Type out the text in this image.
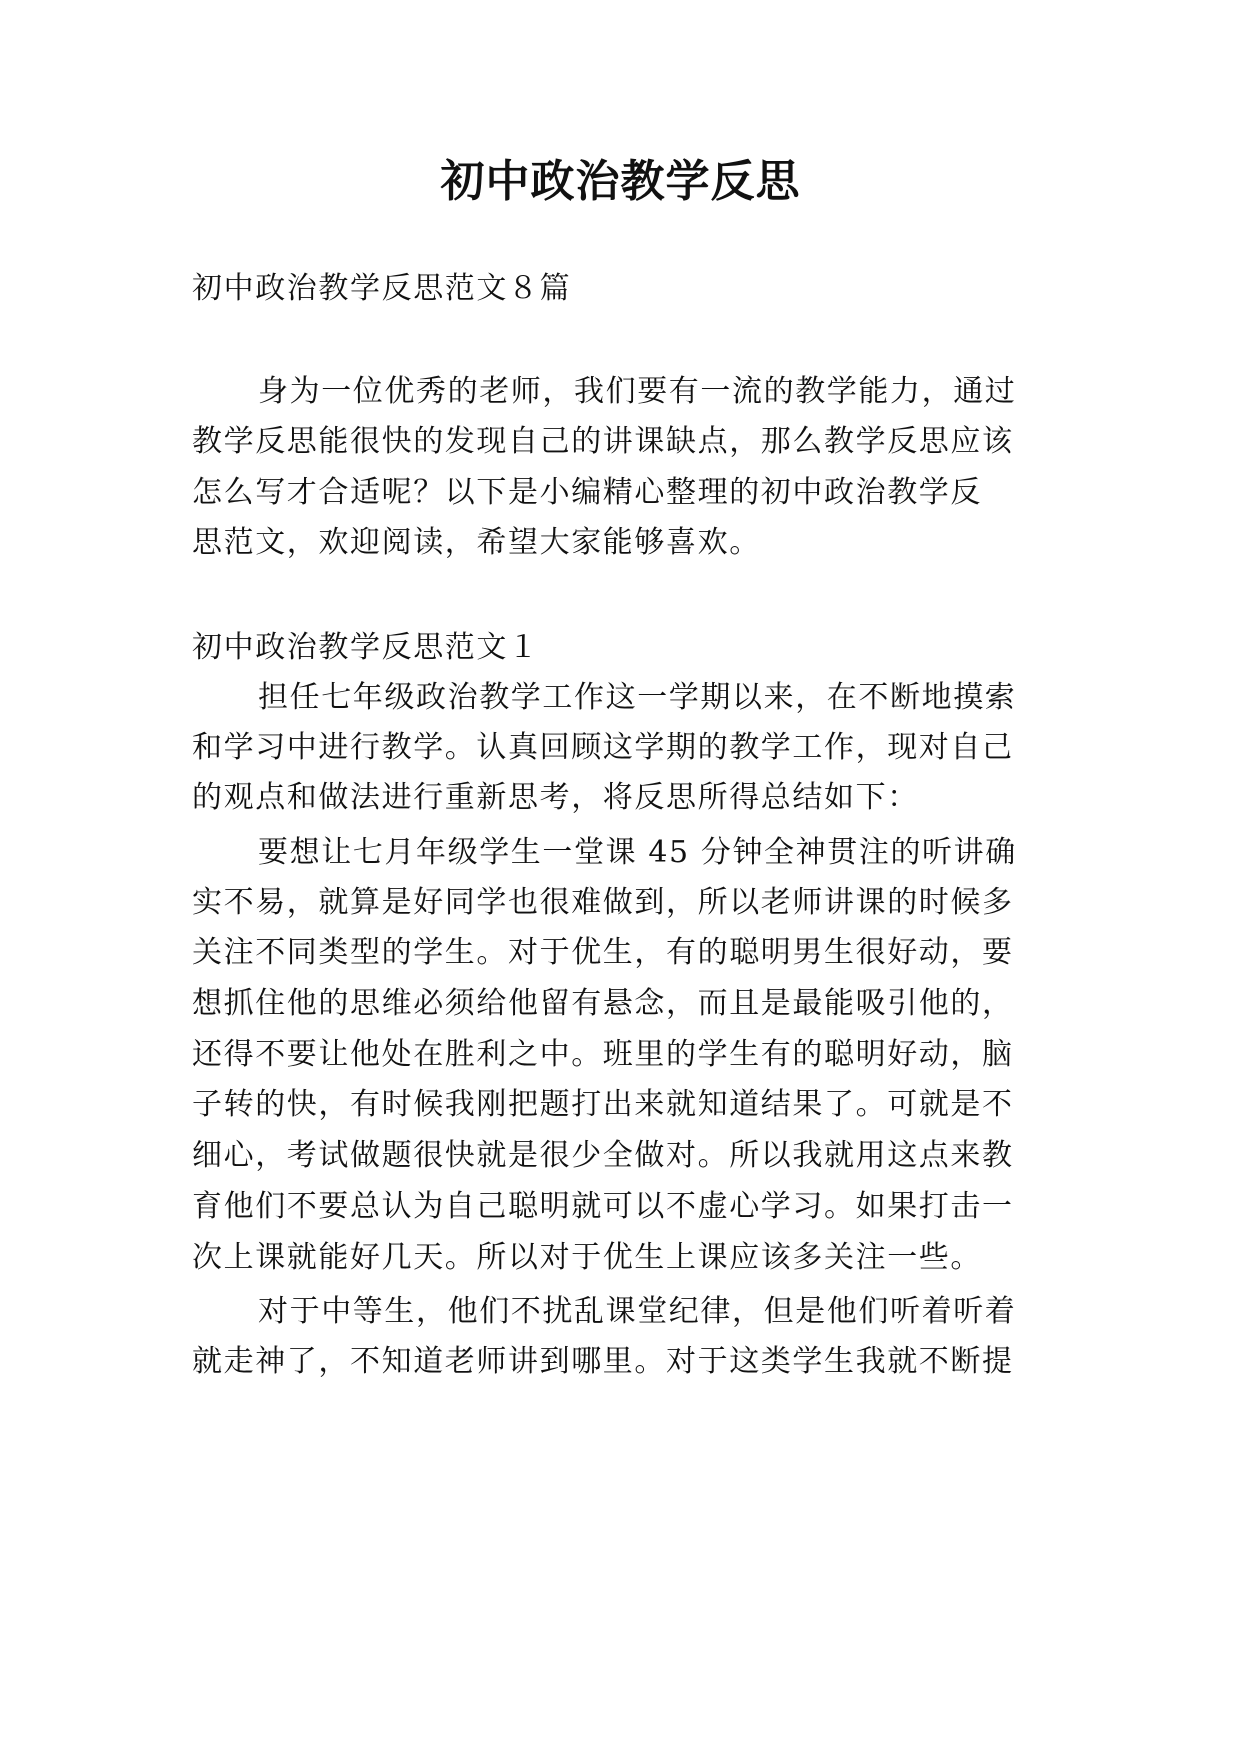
初中政治教学反思
初中政治教学反思范文８篇
身为一位优秀的老师，我们要有一流的教学能力，通过
教学反思能很快的发现自己的讲课缺点，那么教学反思应该
怎么写才合适呢？以下是小编精心整理的初中政治教学反
思范文，欢迎阅读，希望大家能够喜欢。
初中政治教学反思范文１
担任七年级政治教学工作这一学期以来，在不断地摸索
和学习中进行教学。认真回顾这学期的教学工作，现对自己
的观点和做法进行重新思考，将反思所得总结如下：
要想让七月年级学生一堂课 45 分钟全神贯注的听讲确
实不易，就算是好同学也很难做到，所以老师讲课的时候多
关注不同类型的学生。对于优生，有的聪明男生很好动，要
想抓住他的思维必须给他留有悬念，而且是最能吸引他的，
还得不要让他处在胜利之中。班里的学生有的聪明好动，脑
子转的快，有时候我刚把题打出来就知道结果了。可就是不
细心，考试做题很快就是很少全做对。所以我就用这点来教
育他们不要总认为自己聪明就可以不虚心学习。如果打击一
次上课就能好几天。所以对于优生上课应该多关注一些。
对于中等生，他们不扰乱课堂纪律，但是他们听着听着
就走神了，不知道老师讲到哪里。对于这类学生我就不断提
